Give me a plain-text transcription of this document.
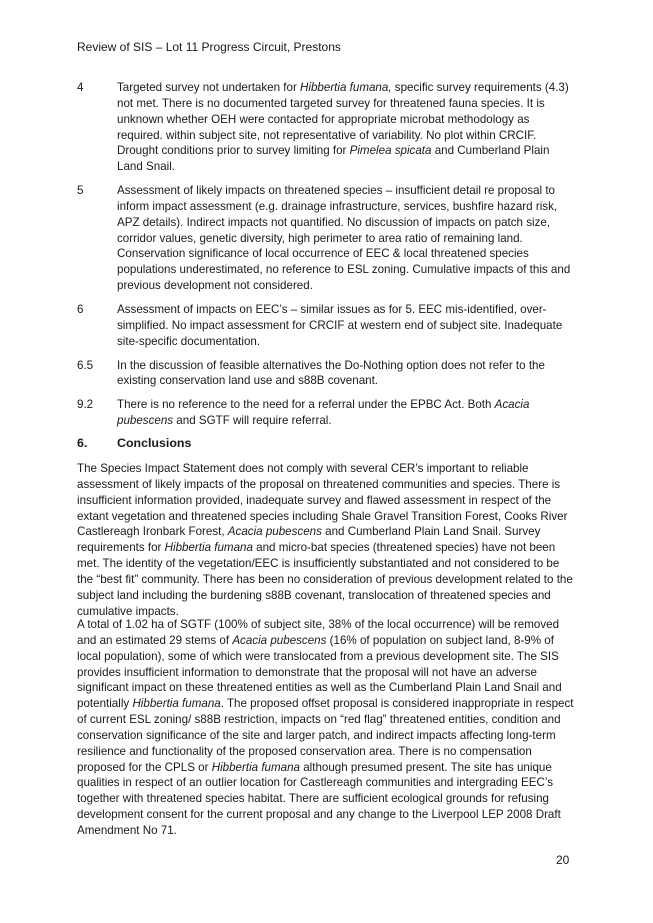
Review of SIS – Lot 11 Progress Circuit, Prestons
4	Targeted survey not undertaken for Hibbertia fumana, specific survey requirements (4.3) not met. There is no documented targeted survey for threatened fauna species. It is unknown whether OEH were contacted for appropriate microbat methodology as required. within subject site, not representative of variability. No plot within CRCIF. Drought conditions prior to survey limiting for Pimelea spicata and Cumberland Plain Land Snail.
5	Assessment of likely impacts on threatened species – insufficient detail re proposal to inform impact assessment (e.g. drainage infrastructure, services, bushfire hazard risk, APZ details). Indirect impacts not quantified. No discussion of impacts on patch size, corridor values, genetic diversity, high perimeter to area ratio of remaining land. Conservation significance of local occurrence of EEC & local threatened species populations underestimated, no reference to ESL zoning. Cumulative impacts of this and previous development not considered.
6	Assessment of impacts on EEC’s – similar issues as for 5. EEC mis-identified, over-simplified. No impact assessment for CRCIF at western end of subject site. Inadequate site-specific documentation.
6.5	In the discussion of feasible alternatives the Do-Nothing option does not refer to the existing conservation land use and s88B covenant.
9.2	There is no reference to the need for a referral under the EPBC Act. Both Acacia pubescens and SGTF will require referral.
6.	Conclusions
The Species Impact Statement does not comply with several CER’s important to reliable assessment of likely impacts of the proposal on threatened communities and species. There is insufficient information provided, inadequate survey and flawed assessment in respect of the extant vegetation and threatened species including Shale Gravel Transition Forest, Cooks River Castlereagh Ironbark Forest, Acacia pubescens and Cumberland Plain Land Snail. Survey requirements for Hibbertia fumana and micro-bat species (threatened species) have not been met. The identity of the vegetation/EEC is insufficiently substantiated and not considered to be the “best fit” community. There has been no consideration of previous development related to the subject land including the burdening s88B covenant, translocation of threatened species and cumulative impacts.
A total of 1.02 ha of SGTF (100% of subject site, 38% of the local occurrence) will be removed and an estimated 29 stems of Acacia pubescens (16% of population on subject land, 8-9% of local population), some of which were translocated from a previous development site. The SIS provides insufficient information to demonstrate that the proposal will not have an adverse significant impact on these threatened entities as well as the Cumberland Plain Land Snail and potentially Hibbertia fumana. The proposed offset proposal is considered inappropriate in respect of current ESL zoning/ s88B restriction, impacts on “red flag” threatened entities, condition and conservation significance of the site and larger patch, and indirect impacts affecting long-term resilience and functionality of the proposed conservation area. There is no compensation proposed for the CPLS or Hibbertia fumana although presumed present. The site has unique qualities in respect of an outlier location for Castlereagh communities and intergrading EEC’s together with threatened species habitat. There are sufficient ecological grounds for refusing development consent for the current proposal and any change to the Liverpool LEP 2008 Draft Amendment No 71.
20
